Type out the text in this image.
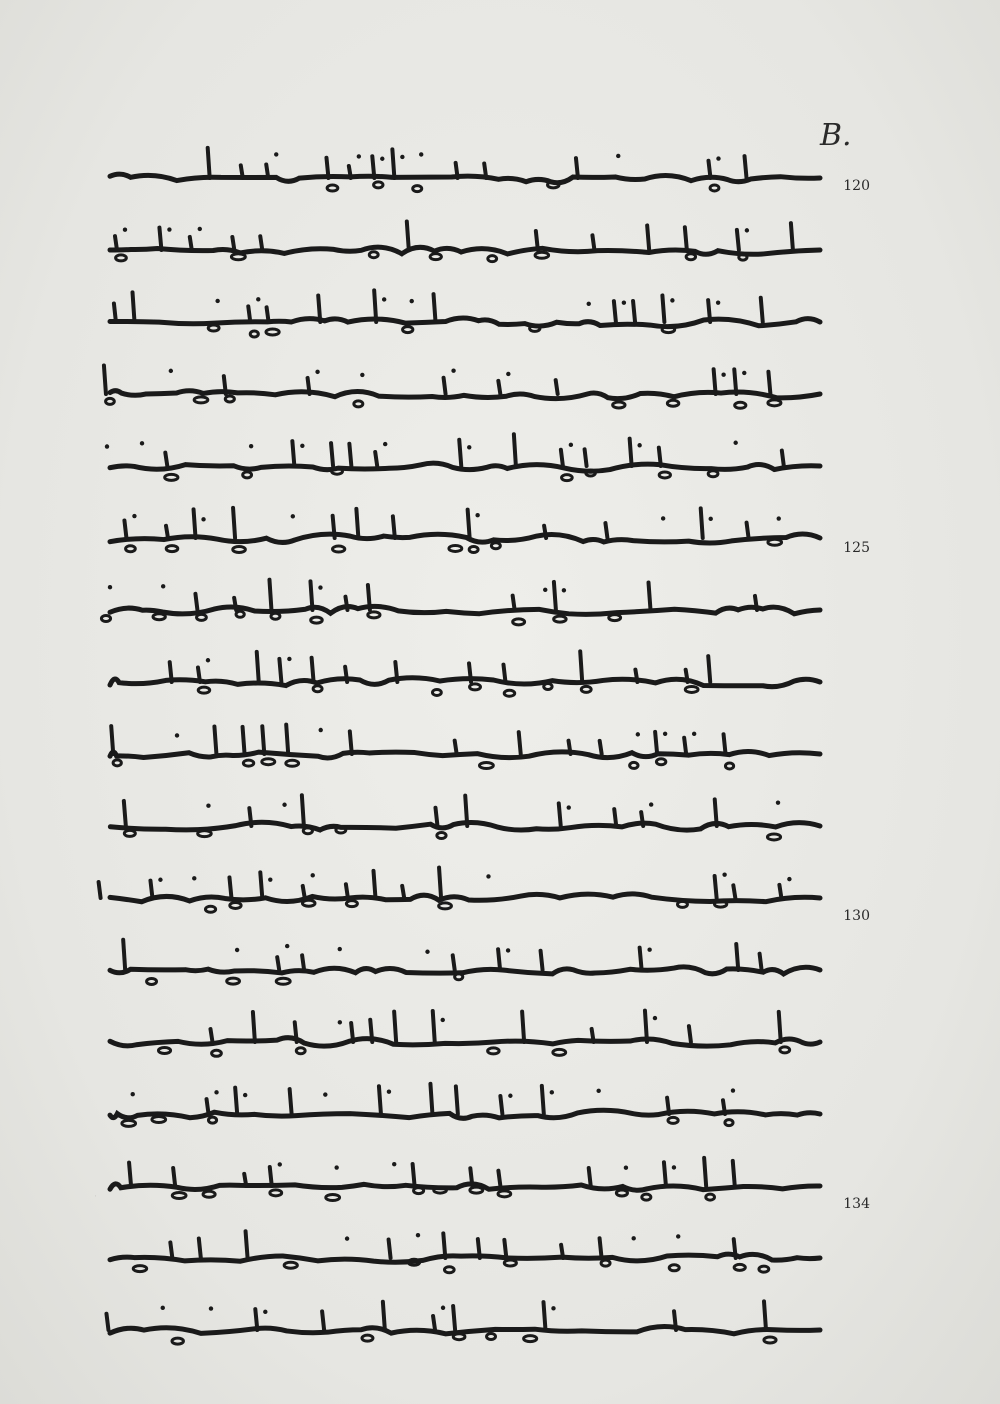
B.
120
125
130
134
